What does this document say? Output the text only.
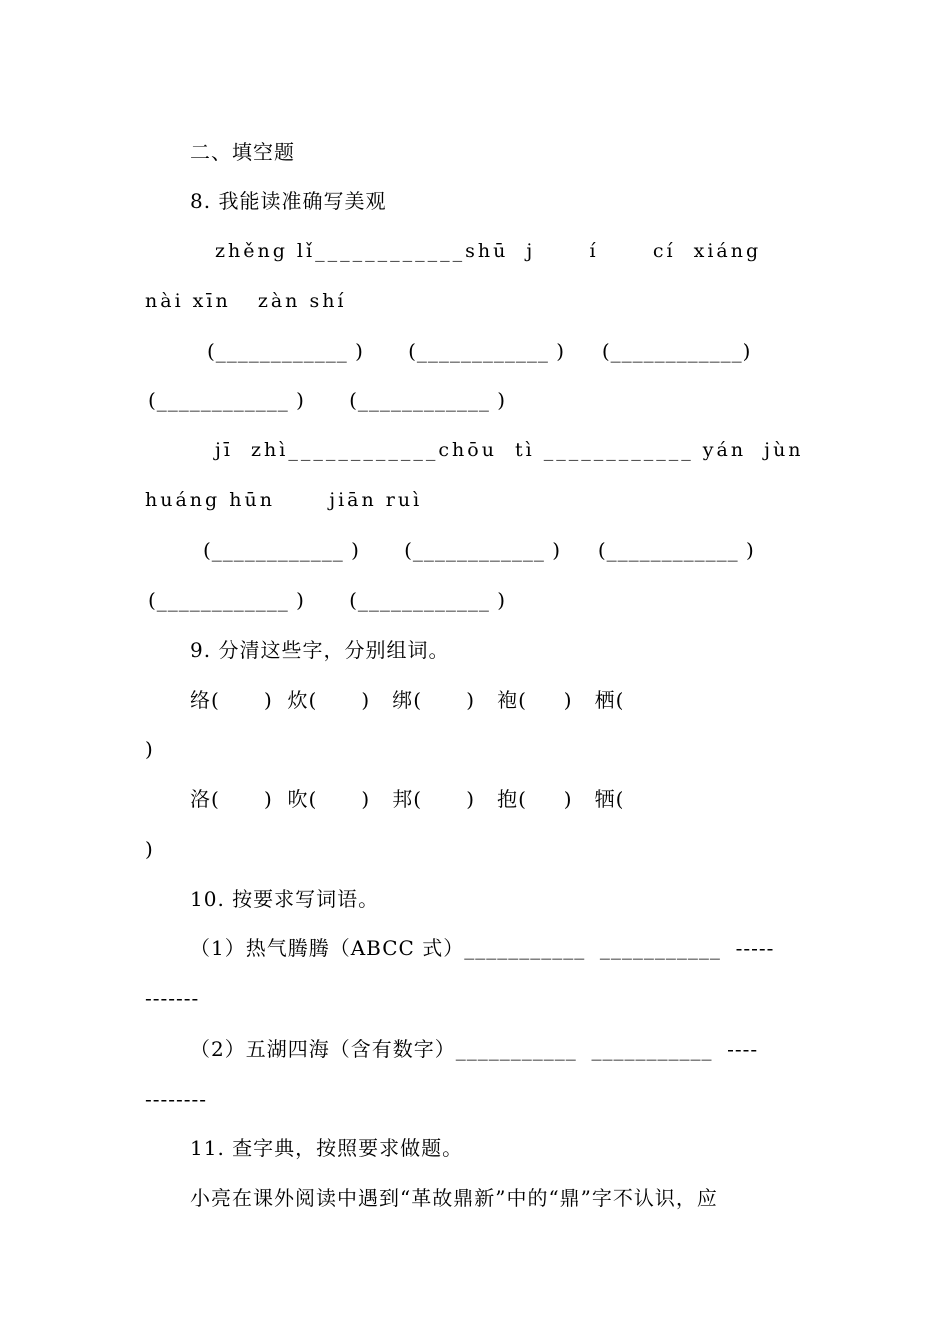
二、填空题
8. 我能读准确写美观
zhěng lǐ____________shū  j      í      cí  xiáng
nài xīn   zàn shí
(____________ )      (____________ )     (____________)
(____________ )      (____________ )
jī  zhì____________chōu  tì ____________ yán  jùn
huáng hūn      jiān ruì
(____________ )      (____________ )     (____________ )
(____________ )      (____________ )
9. 分清这些字，分别组词。
络(      )  炊(      )   绑(      )   袍(     )   栖(
)
洛(      )  吹(      )   邦(      )   抱(     )   牺(
)
10. 按要求写词语。
（1）热气腾腾（ABCC 式）___________  ___________  -----
-------
（2）五湖四海（含有数字）___________  ___________  ----
--------
11. 查字典，按照要求做题。
小亮在课外阅读中遇到“革故鼎新”中的“鼎”字不认识，应
